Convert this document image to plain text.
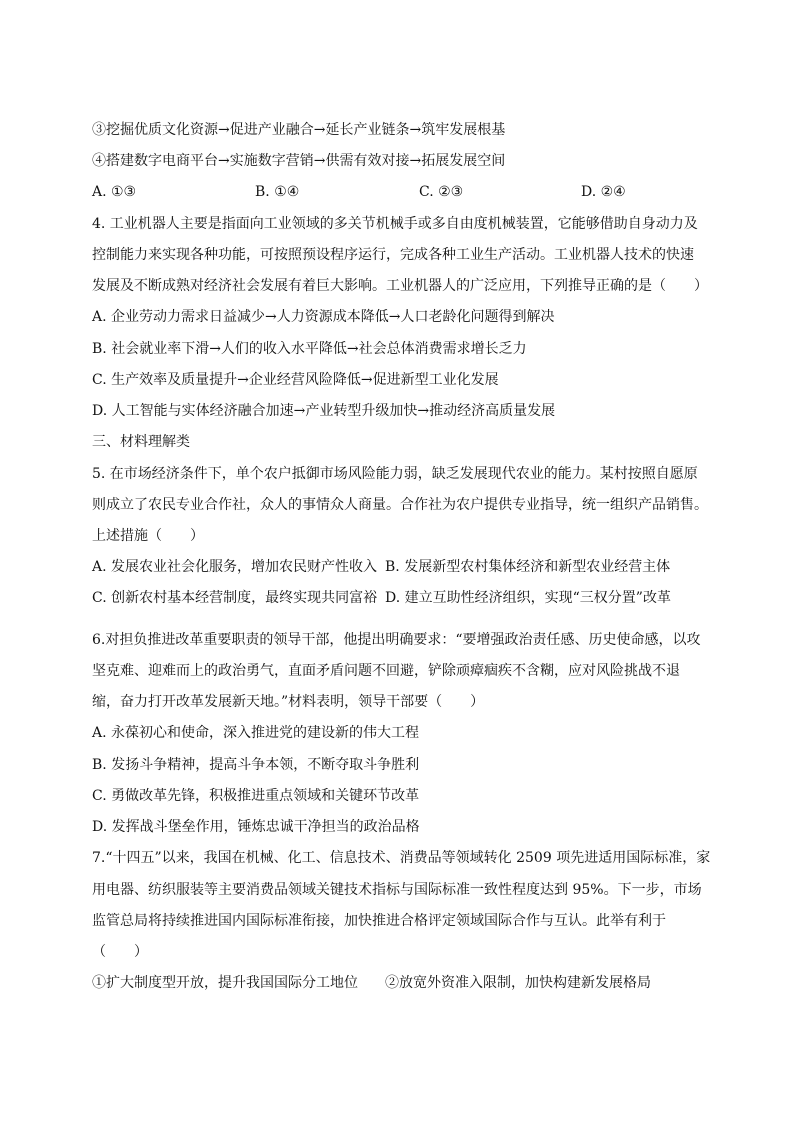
③挖掘优质文化资源→促进产业融合→延长产业链条→筑牢发展根基
④搭建数字电商平台→实施数字营销→供需有效对接→拓展发展空间
A. ①③	B. ①④	C. ②③	D. ②④
4. 工业机器人主要是指面向工业领域的多关节机械手或多自由度机械装置，它能够借助自身动力及
控制能力来实现各种功能，可按照预设程序运行，完成各种工业生产活动。工业机器人技术的快速
发展及不断成熟对经济社会发展有着巨大影响。工业机器人的广泛应用，下列推导正确的是（　　）
A. 企业劳动力需求日益减少→人力资源成本降低→人口老龄化问题得到解决
B. 社会就业率下滑→人们的收入水平降低→社会总体消费需求增长乏力
C. 生产效率及质量提升→企业经营风险降低→促进新型工业化发展
D. 人工智能与实体经济融合加速→产业转型升级加快→推动经济高质量发展
三、材料理解类
5. 在市场经济条件下，单个农户抵御市场风险能力弱，缺乏发展现代农业的能力。某村按照自愿原
则成立了农民专业合作社，众人的事情众人商量。合作社为农户提供专业指导，统一组织产品销售。
上述措施（　　）
A. 发展农业社会化服务，增加农民财产性收入 B. 发展新型农村集体经济和新型农业经营主体
C. 创新农村基本经营制度，最终实现共同富裕 D. 建立互助性经济组织，实现“三权分置”改革
6.对担负推进改革重要职责的领导干部，他提出明确要求：“要增强政治责任感、历史使命感，以攻
坚克难、迎难而上的政治勇气，直面矛盾问题不回避，铲除顽瘴痼疾不含糊，应对风险挑战不退
缩，奋力打开改革发展新天地。”材料表明，领导干部要（　　）
A. 永葆初心和使命，深入推进党的建设新的伟大工程
B. 发扬斗争精神，提高斗争本领，不断夺取斗争胜利
C. 勇做改革先锋，积极推进重点领域和关键环节改革
D. 发挥战斗堡垒作用，锤炼忠诚干净担当的政治品格
7.“十四五”以来，我国在机械、化工、信息技术、消费品等领域转化 2509 项先进适用国际标准，家
用电器、纺织服装等主要消费品领域关键技术指标与国际标准一致性程度达到 95%。下一步，市场
监管总局将持续推进国内国际标准衔接，加快推进合格评定领域国际合作与互认。此举有利于
（　　）
①扩大制度型开放，提升我国国际分工地位 ②放宽外资准入限制，加快构建新发展格局
